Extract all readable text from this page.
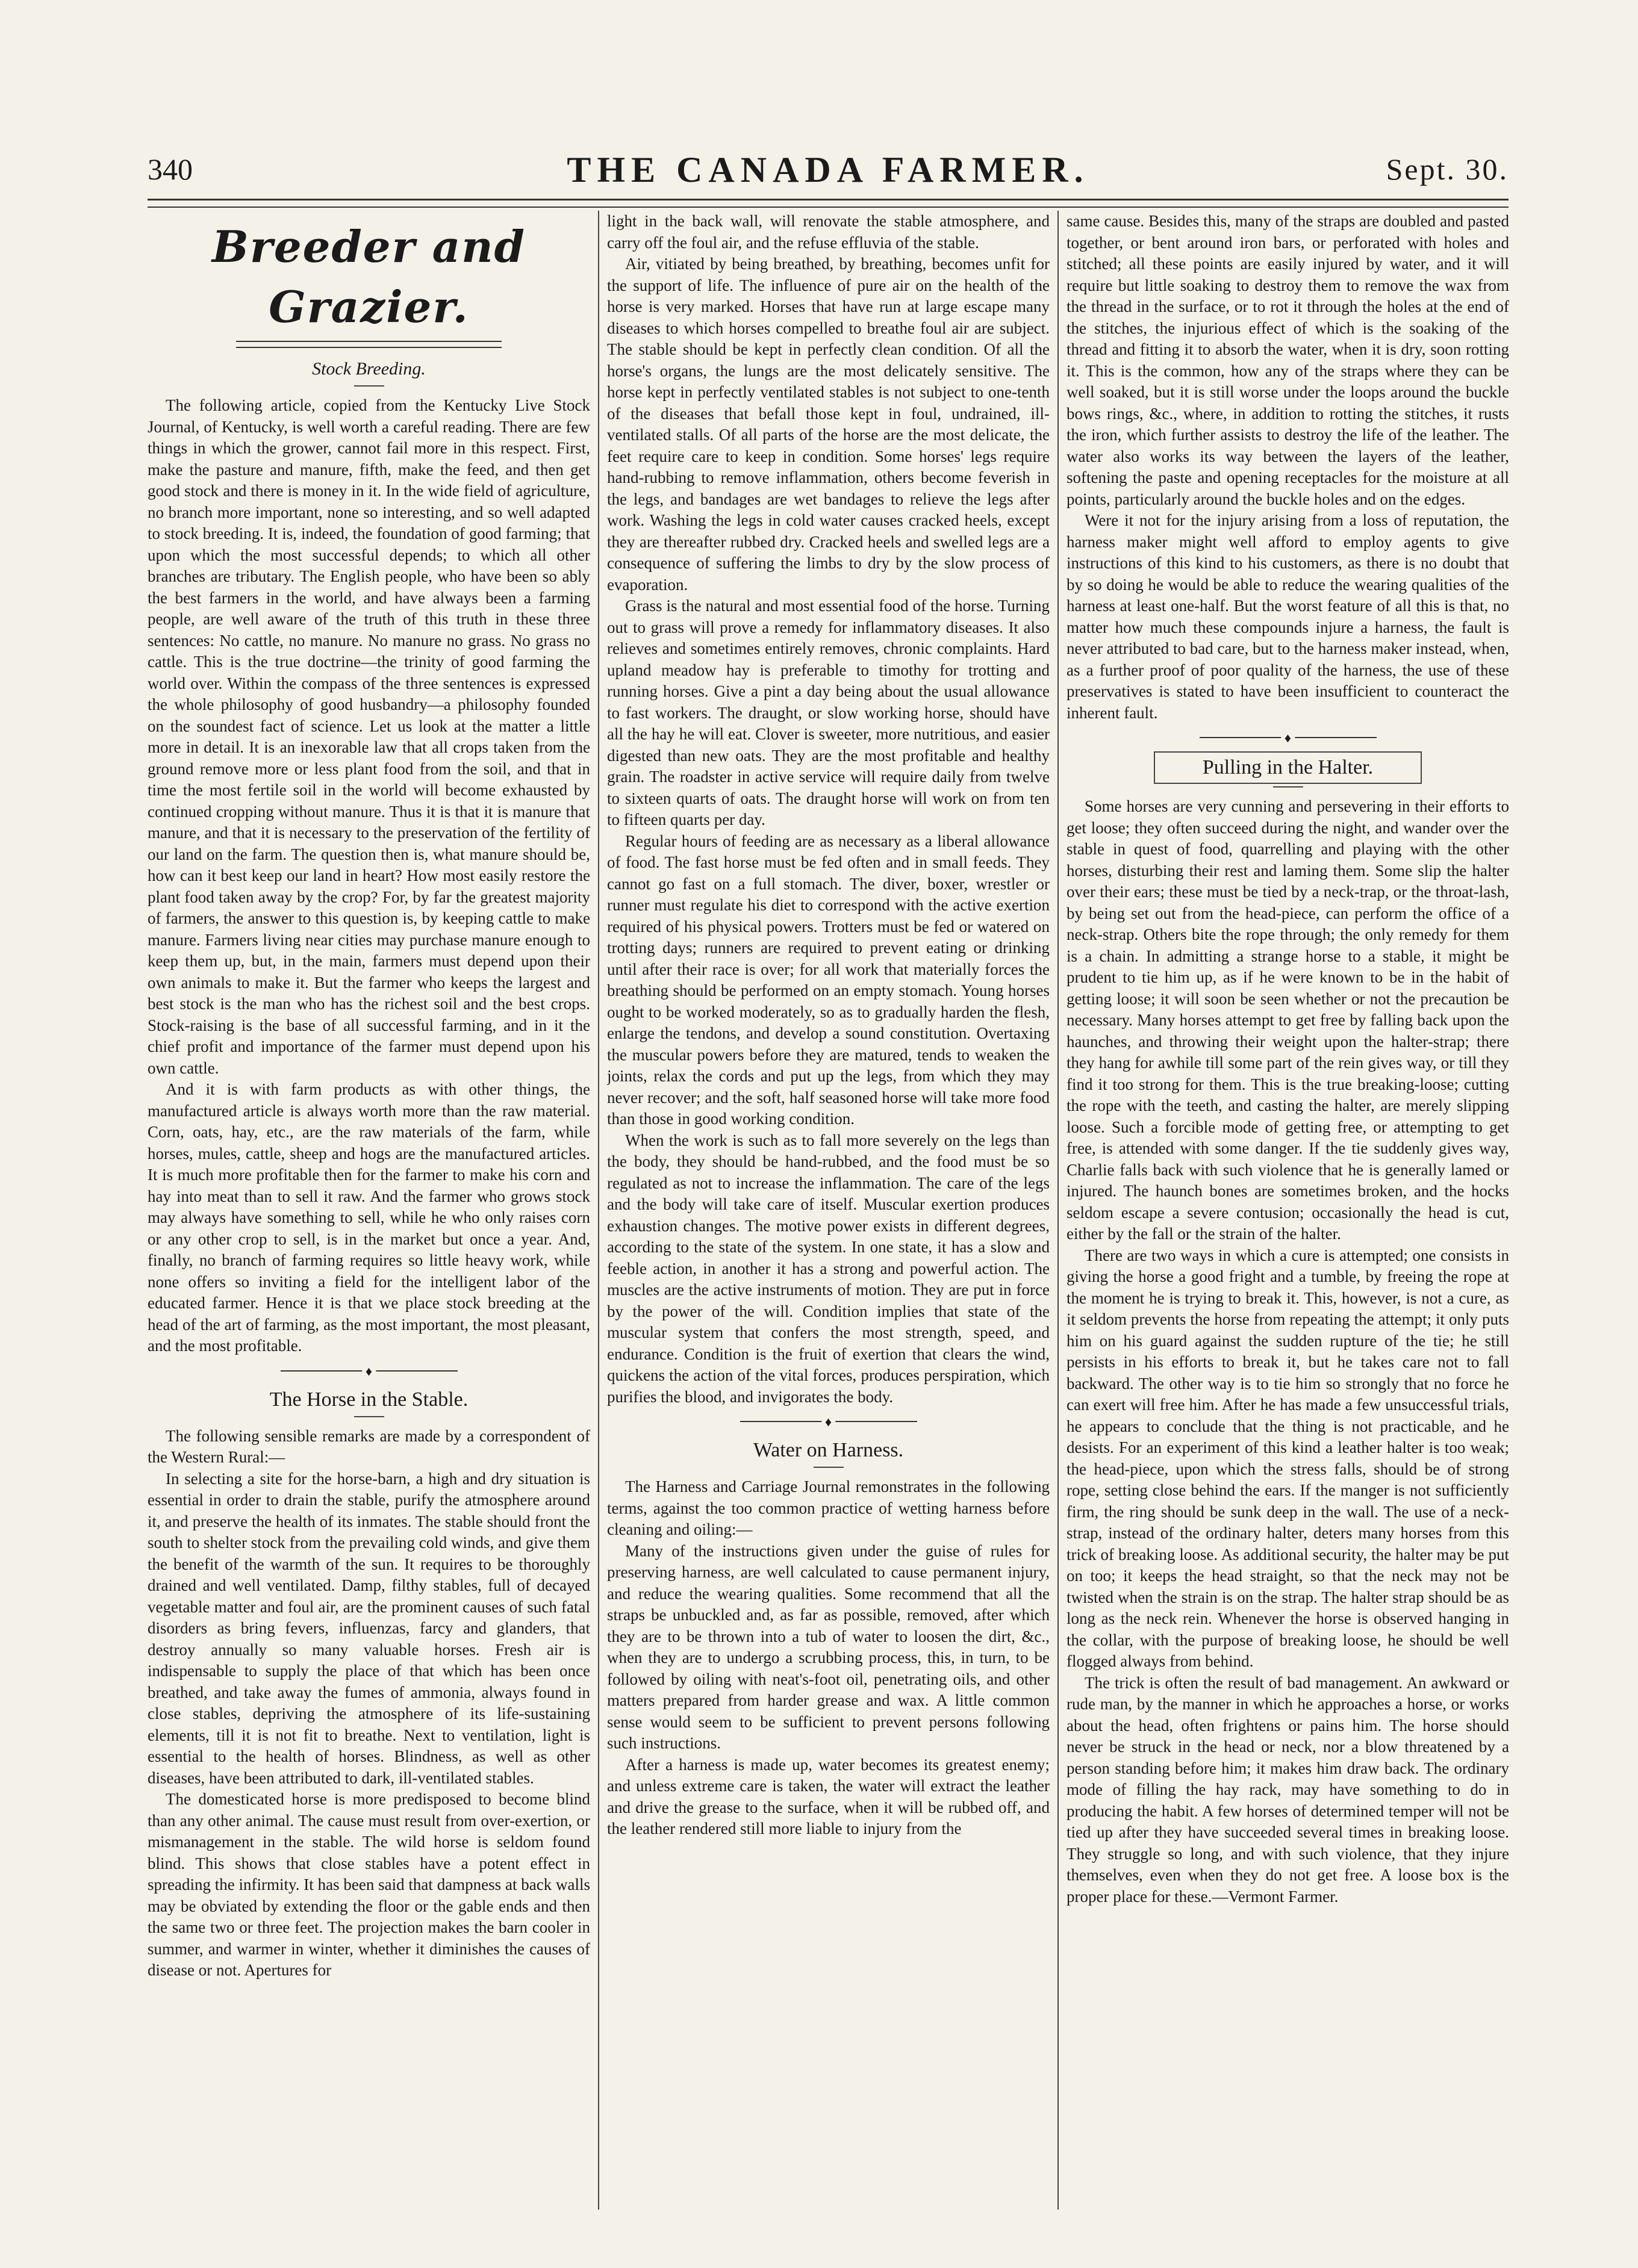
340	THE CANADA FARMER.	Sept. 30.
Breeder and Grazier.
Stock Breeding.

The following article, copied from the Kentucky Live Stock Journal, of Kentucky, is well worth a careful reading. There are few things in which the grower, cannot fail more in this respect. First, make the pasture and manure, fifth, make the feed, and then get good stock and there is money in it. In the wide field of agriculture, no branch more important, none so interesting, and so well adapted to stock breeding. It is, indeed, the foundation of good farming; that upon which the most successful depends; to which all other branches are tributary. The English people, who have been so ably the best farmers in the world, and have always been a farming people, are well aware of the truth of this truth in these three sentences: No cattle, no manure. No manure no grass. No grass no cattle. This is the true doctrine—the trinity of good farming the world over. Within the compass of the three sentences is expressed the whole philosophy of good husbandry—a philosophy founded on the soundest fact of science. Let us look at the matter a little more in detail. It is an inexorable law that all crops taken from the ground remove more or less plant food from the soil, and that in time the most fertile soil in the world will become exhausted by continued cropping without manure. Thus it is that it is manure that manure, and that it is necessary to the preservation of the fertility of our land on the farm. The question then is, what manure should be, how can it best keep our land in heart? How most easily restore the plant food taken away by the crop? For, by far the greatest majority of farmers, the answer to this question is, by keeping cattle to make manure. Farmers living near cities may purchase manure enough to keep them up, but, in the main, farmers must depend upon their own animals to make it. But the farmer who keeps the largest and best stock is the man who has the richest soil and the best crops. Stock-raising is the base of all successful farming, and in it the chief profit and importance of the farmer must depend upon his own cattle.

And it is with farm products as with other things, the manufactured article is always worth more than the raw material. Corn, oats, hay, etc., are the raw materials of the farm, while horses, mules, cattle, sheep and hogs are the manufactured articles. It is much more profitable then for the farmer to make his corn and hay into meat than to sell it raw. And the farmer who grows stock may always have something to sell, while he who only raises corn or any other crop to sell, is in the market but once a year. And, finally, no branch of farming requires so little heavy work, while none offers so inviting a field for the intelligent labor of the educated farmer. Hence it is that we place stock breeding at the head of the art of farming, as the most important, the most pleasant, and the most profitable.

♦
The Horse in the Stable.

The following sensible remarks are made by a correspondent of the Western Rural:—

In selecting a site for the horse-barn, a high and dry situation is essential in order to drain the stable, purify the atmosphere around it, and preserve the health of its inmates. The stable should front the south to shelter stock from the prevailing cold winds, and give them the benefit of the warmth of the sun. It requires to be thoroughly drained and well ventilated. Damp, filthy stables, full of decayed vegetable matter and foul air, are the prominent causes of such fatal disorders as bring fevers, influenzas, farcy and glanders, that destroy annually so many valuable horses. Fresh air is indispensable to supply the place of that which has been once breathed, and take away the fumes of ammonia, always found in close stables, depriving the atmosphere of its life-sustaining elements, till it is not fit to breathe. Next to ventilation, light is essential to the health of horses. Blindness, as well as other diseases, have been attributed to dark, ill-ventilated stables.

The domesticated horse is more predisposed to become blind than any other animal. The cause must result from over-exertion, or mismanagement in the stable. The wild horse is seldom found blind. This shows that close stables have a potent effect in spreading the infirmity. It has been said that dampness at back walls may be obviated by extending the floor or the gable ends and then the same two or three feet. The projection makes the barn cooler in summer, and warmer in winter, whether it diminishes the causes of disease or not. Apertures for

light in the back wall, will renovate the stable atmosphere, and carry off the foul air, and the refuse effluvia of the stable.

Air, vitiated by being breathed, by breathing, becomes unfit for the support of life. The influence of pure air on the health of the horse is very marked. Horses that have run at large escape many diseases to which horses compelled to breathe foul air are subject. The stable should be kept in perfectly clean condition. Of all the horse's organs, the lungs are the most delicately sensitive. The horse kept in perfectly ventilated stables is not subject to one-tenth of the diseases that befall those kept in foul, undrained, ill-ventilated stalls. Of all parts of the horse are the most delicate, the feet require care to keep in condition. Some horses' legs require hand-rubbing to remove inflammation, others become feverish in the legs, and bandages are wet bandages to relieve the legs after work. Washing the legs in cold water causes cracked heels, except they are thereafter rubbed dry. Cracked heels and swelled legs are a consequence of suffering the limbs to dry by the slow process of evaporation.

Grass is the natural and most essential food of the horse. Turning out to grass will prove a remedy for inflammatory diseases. It also relieves and sometimes entirely removes, chronic complaints. Hard upland meadow hay is preferable to timothy for trotting and running horses. Give a pint a day being about the usual allowance to fast workers. The draught, or slow working horse, should have all the hay he will eat. Clover is sweeter, more nutritious, and easier digested than new oats. They are the most profitable and healthy grain. The roadster in active service will require daily from twelve to sixteen quarts of oats. The draught horse will work on from ten to fifteen quarts per day.

Regular hours of feeding are as necessary as a liberal allowance of food. The fast horse must be fed often and in small feeds. They cannot go fast on a full stomach. The diver, boxer, wrestler or runner must regulate his diet to correspond with the active exertion required of his physical powers. Trotters must be fed or watered on trotting days; runners are required to prevent eating or drinking until after their race is over; for all work that materially forces the breathing should be performed on an empty stomach. Young horses ought to be worked moderately, so as to gradually harden the flesh, enlarge the tendons, and develop a sound constitution. Overtaxing the muscular powers before they are matured, tends to weaken the joints, relax the cords and put up the legs, from which they may never recover; and the soft, half seasoned horse will take more food than those in good working condition.

When the work is such as to fall more severely on the legs than the body, they should be hand-rubbed, and the food must be so regulated as not to increase the inflammation. The care of the legs and the body will take care of itself. Muscular exertion produces exhaustion changes. The motive power exists in different degrees, according to the state of the system. In one state, it has a slow and feeble action, in another it has a strong and powerful action. The muscles are the active instruments of motion. They are put in force by the power of the will. Condition implies that state of the muscular system that confers the most strength, speed, and endurance. Condition is the fruit of exertion that clears the wind, quickens the action of the vital forces, produces perspiration, which purifies the blood, and invigorates the body.

♦
Water on Harness.

The Harness and Carriage Journal remonstrates in the following terms, against the too common practice of wetting harness before cleaning and oiling:—

Many of the instructions given under the guise of rules for preserving harness, are well calculated to cause permanent injury, and reduce the wearing qualities. Some recommend that all the straps be unbuckled and, as far as possible, removed, after which they are to be thrown into a tub of water to loosen the dirt, &c., when they are to undergo a scrubbing process, this, in turn, to be followed by oiling with neat's-foot oil, penetrating oils, and other matters prepared from harder grease and wax. A little common sense would seem to be sufficient to prevent persons following such instructions.

After a harness is made up, water becomes its greatest enemy; and unless extreme care is taken, the water will extract the leather and drive the grease to the surface, when it will be rubbed off, and the leather rendered still more liable to injury from the

same cause. Besides this, many of the straps are doubled and pasted together, or bent around iron bars, or perforated with holes and stitched; all these points are easily injured by water, and it will require but little soaking to destroy them to remove the wax from the thread in the surface, or to rot it through the holes at the end of the stitches, the injurious effect of which is the soaking of the thread and fitting it to absorb the water, when it is dry, soon rotting it. This is the common, how any of the straps where they can be well soaked, but it is still worse under the loops around the buckle bows rings, &c., where, in addition to rotting the stitches, it rusts the iron, which further assists to destroy the life of the leather. The water also works its way between the layers of the leather, softening the paste and opening receptacles for the moisture at all points, particularly around the buckle holes and on the edges.

Were it not for the injury arising from a loss of reputation, the harness maker might well afford to employ agents to give instructions of this kind to his customers, as there is no doubt that by so doing he would be able to reduce the wearing qualities of the harness at least one-half. But the worst feature of all this is that, no matter how much these compounds injure a harness, the fault is never attributed to bad care, but to the harness maker instead, when, as a further proof of poor quality of the harness, the use of these preservatives is stated to have been insufficient to counteract the inherent fault.

♦
Pulling in the Halter.

Some horses are very cunning and persevering in their efforts to get loose; they often succeed during the night, and wander over the stable in quest of food, quarrelling and playing with the other horses, disturbing their rest and laming them. Some slip the halter over their ears; these must be tied by a neck-trap, or the throat-lash, by being set out from the head-piece, can perform the office of a neck-strap. Others bite the rope through; the only remedy for them is a chain. In admitting a strange horse to a stable, it might be prudent to tie him up, as if he were known to be in the habit of getting loose; it will soon be seen whether or not the precaution be necessary. Many horses attempt to get free by falling back upon the haunches, and throwing their weight upon the halter-strap; there they hang for awhile till some part of the rein gives way, or till they find it too strong for them. This is the true breaking-loose; cutting the rope with the teeth, and casting the halter, are merely slipping loose. Such a forcible mode of getting free, or attempting to get free, is attended with some danger. If the tie suddenly gives way, Charlie falls back with such violence that he is generally lamed or injured. The haunch bones are sometimes broken, and the hocks seldom escape a severe contusion; occasionally the head is cut, either by the fall or the strain of the halter.

There are two ways in which a cure is attempted; one consists in giving the horse a good fright and a tumble, by freeing the rope at the moment he is trying to break it. This, however, is not a cure, as it seldom prevents the horse from repeating the attempt; it only puts him on his guard against the sudden rupture of the tie; he still persists in his efforts to break it, but he takes care not to fall backward. The other way is to tie him so strongly that no force he can exert will free him. After he has made a few unsuccessful trials, he appears to conclude that the thing is not practicable, and he desists. For an experiment of this kind a leather halter is too weak; the head-piece, upon which the stress falls, should be of strong rope, setting close behind the ears. If the manger is not sufficiently firm, the ring should be sunk deep in the wall. The use of a neck-strap, instead of the ordinary halter, deters many horses from this trick of breaking loose. As additional security, the halter may be put on too; it keeps the head straight, so that the neck may not be twisted when the strain is on the strap. The halter strap should be as long as the neck rein. Whenever the horse is observed hanging in the collar, with the purpose of breaking loose, he should be well flogged always from behind.

The trick is often the result of bad management. An awkward or rude man, by the manner in which he approaches a horse, or works about the head, often frightens or pains him. The horse should never be struck in the head or neck, nor a blow threatened by a person standing before him; it makes him draw back. The ordinary mode of filling the hay rack, may have something to do in producing the habit. A few horses of determined temper will not be tied up after they have succeeded several times in breaking loose. They struggle so long, and with such violence, that they injure themselves, even when they do not get free. A loose box is the proper place for these.—Vermont Farmer.
